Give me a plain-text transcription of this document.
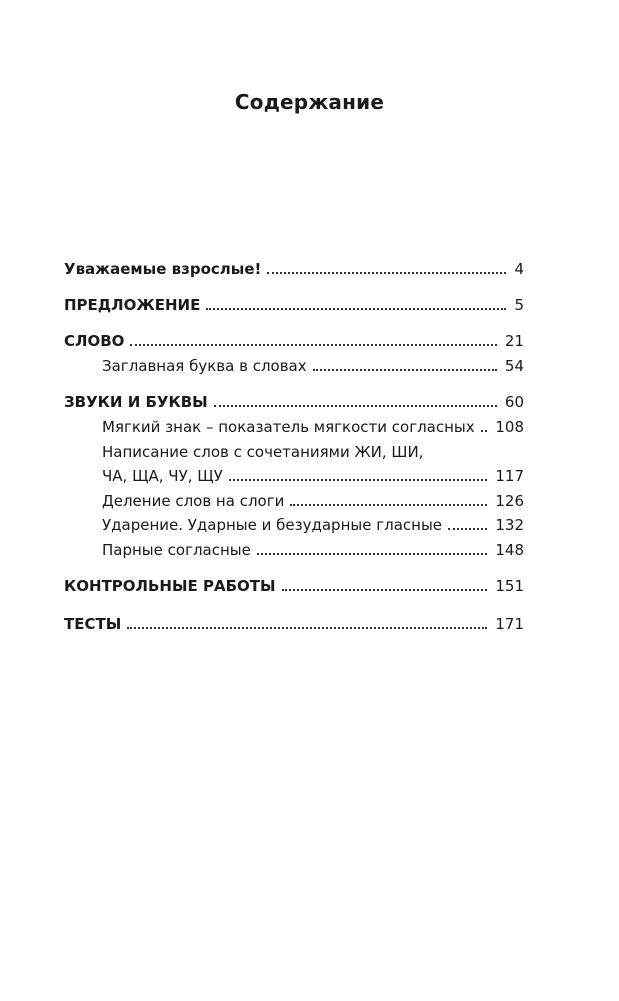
Содержание
Уважаемые взрослые!	4
ПРЕДЛОЖЕНИЕ	5
СЛОВО	21
Заглавная буква в словах	54
ЗВУКИ И БУКВЫ	60
Мягкий знак – показатель мягкости согласных 108
Написание слов с сочетаниями ЖИ, ШИ,
ЧА, ЩА, ЧУ, ЩУ	117
Деление слов на слоги	126
Ударение. Ударные и безударные гласные	132
Парные согласные	148
КОНТРОЛЬНЫЕ РАБОТЫ	151
ТЕСТЫ	171
